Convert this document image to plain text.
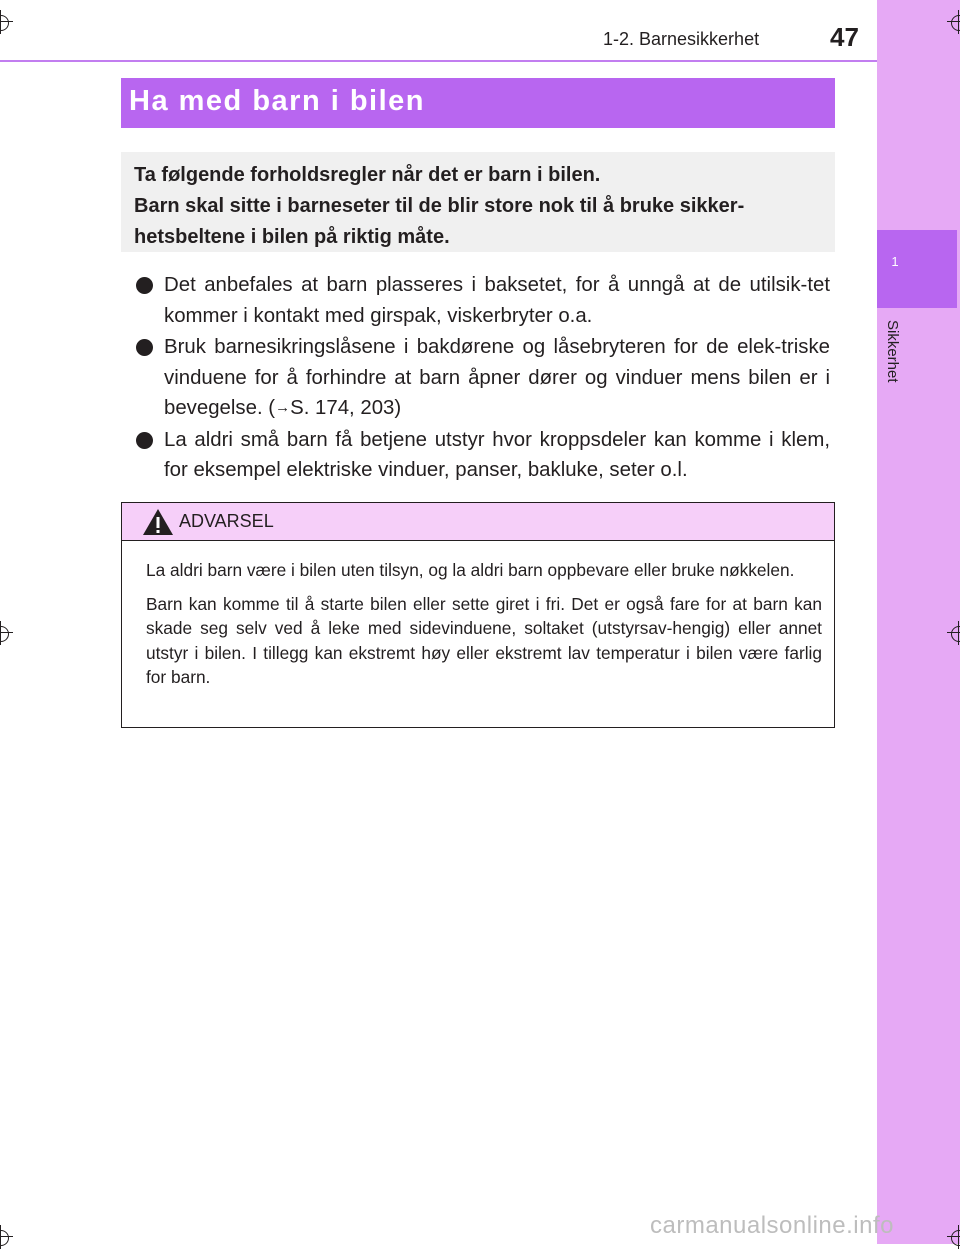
1
Sikkerhet
1-2. Barnesikkerhet	47
Ha med barn i bilen
Ta følgende forholdsregler når det er barn i bilen.
Barn skal sitte i barneseter til de blir store nok til å bruke sikker-
hetsbeltene i bilen på riktig måte.
Det anbefales at barn plasseres i baksetet, for å unngå at de utilsik-tet kommer i kontakt med girspak, viskerbryter o.a.
Bruk barnesikringslåsene i bakdørene og låsebryteren for de elek-triske vinduene for å forhindre at barn åpner dører og vinduer mens bilen er i bevegelse. (→S. 174, 203)
La aldri små barn få betjene utstyr hvor kroppsdeler kan komme i klem, for eksempel elektriske vinduer, panser, bakluke, seter o.l.
ADVARSEL

La aldri barn være i bilen uten tilsyn, og la aldri barn oppbevare eller bruke nøkkelen.

Barn kan komme til å starte bilen eller sette giret i fri. Det er også fare for at barn kan skade seg selv ved å leke med sidevinduene, soltaket (utstyrsav-hengig) eller annet utstyr i bilen. I tillegg kan ekstremt høy eller ekstremt lav temperatur i bilen være farlig for barn.

carmanualsonline.info
